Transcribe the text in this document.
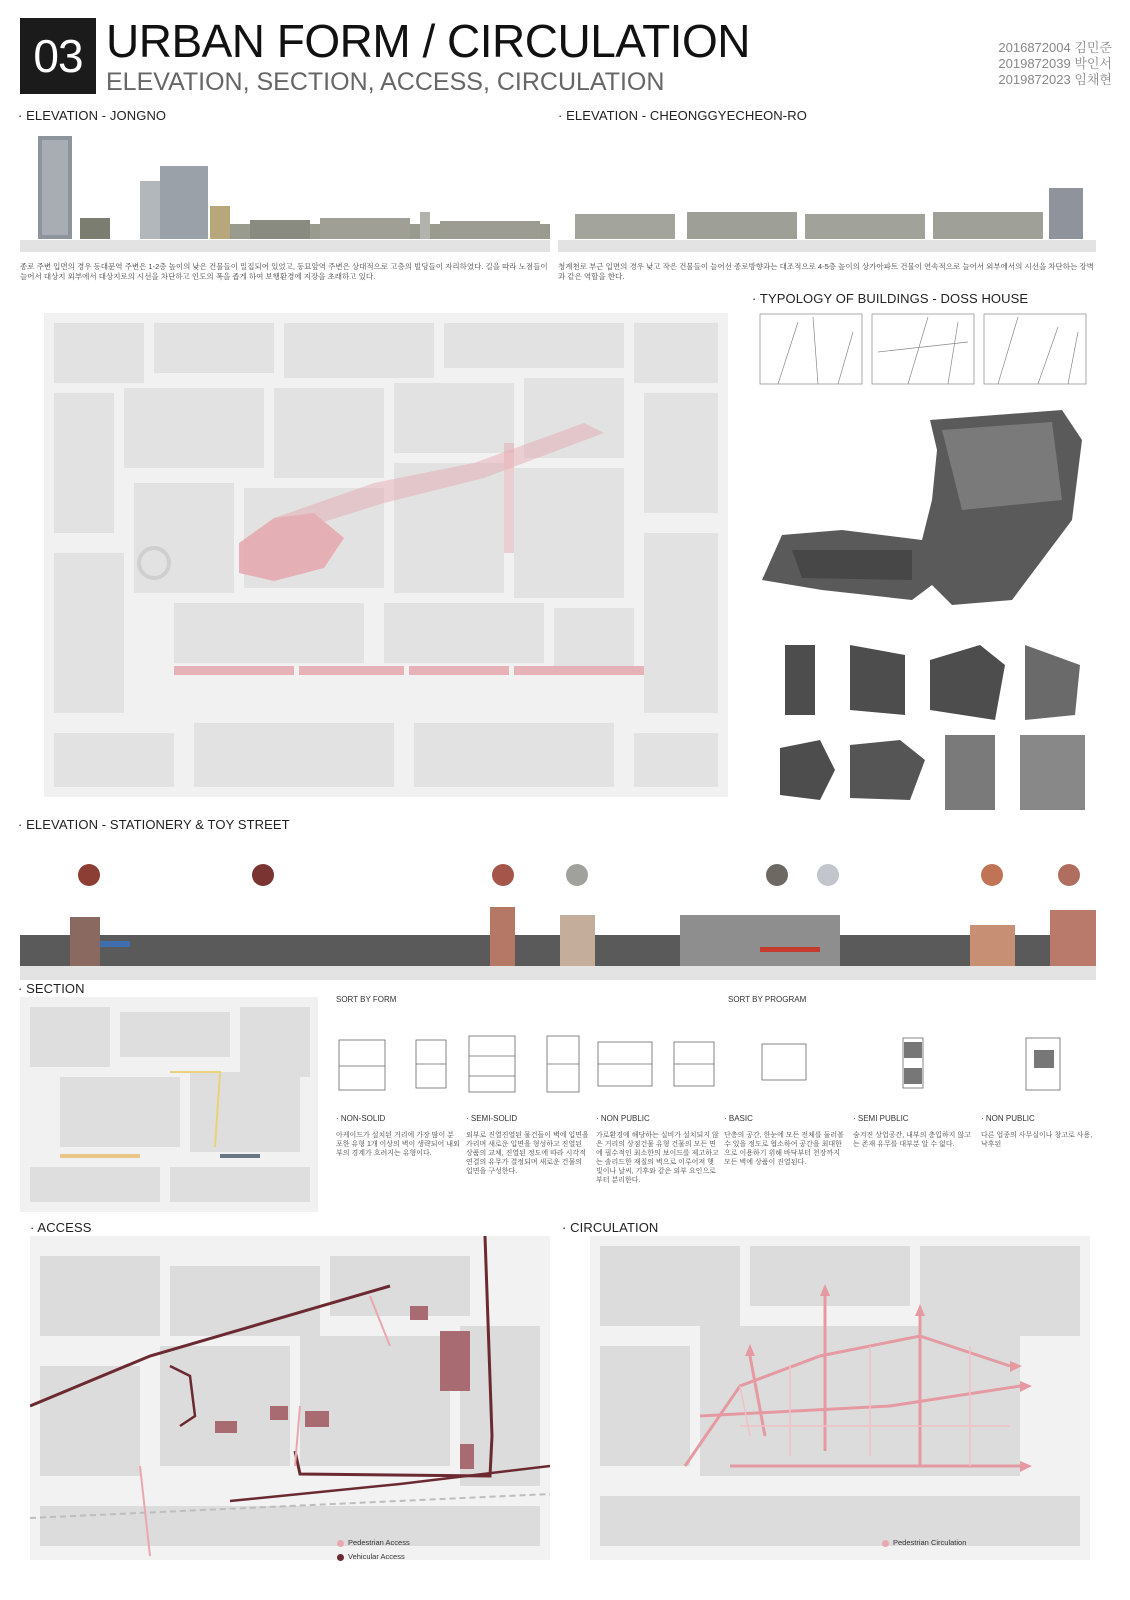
03 URBAN FORM / CIRCULATION
ELEVATION, SECTION, ACCESS, CIRCULATION
2016872004 김민준
2019872039 박인서
2019872023 임채현
· ELEVATION - JONGNO
종로 주변 입면의 경우 동대문역 주변은 1-2층 높이의 낮은 건물들이 밀집되어 있었고, 동묘앞역 주변은 상대적으로 고층의 빌딩들이 자리하였다. 길을 따라 노점들이 늘어서 대상지 외부에서 대상지로의 시선을 차단하고 인도의 폭을 좁게 하여 보행환경에 지장을 초래하고 있다.
· ELEVATION - CHEONGGYECHEON-RO
청계천로 부근 입면의 경우 낮고 작은 건물들이 늘어선 종로방향과는 대조적으로 4-5층 높이의 상가아파트 건물이 연속적으로 늘어서 외부에서의 시선을 차단하는 장벽과 같은 역할을 한다.
· TYPOLOGY OF BUILDINGS - DOSS HOUSE
· ELEVATION - STATIONERY & TOY STREET
· SECTION
SORT BY FORM	SORT BY PROGRAM
· NON-SOLID
아케이드가 설치된 거리에 가장 많이 분포한 유형 1개 이상의 벽이 생략되어 내외부의 경계가 흐려지는 유형이다.
· SEMI-SOLID
외부로 진열진열된 물건들이 벽에 입면을 가리며 새로운 입면을 형성하고 진열된 상품의 교체, 진열된 정도에 따라 시각적 연결의 유무가 결정되며 새로운 건물의 입면을 구성한다.
· NON PUBLIC
가로환경에 해당하는 실비가 설치되지 않은 거리의 상점건물 유형 건물의 모든 면에 필수적인 최소한의 보이드를 제고하고는 솔리드한 재질의 벽으로 이루어져 햇빛이나 날씨, 기후와 같은 외부 요인으로부터 분리한다.
· BASIC
단층의 공간, 한눈에 모든 전체를 둘러볼 수 있을 정도로 협소하여 공간을 최대한으로 이용하기 위해 바닥부터 천장까지 모든 벽에 상품이 진열된다.
· SEMI PUBLIC
숨겨진 상업공간, 내부의 층입하지 않고는 존재 유무를 대부분 알 수 없다.
· NON PUBLIC
다른 업종의 사무실이나 창고로 사용, 낙후된
· ACCESS
Pedestrian Access
Vehicular Access
· CIRCULATION
Pedestrian Circulation
